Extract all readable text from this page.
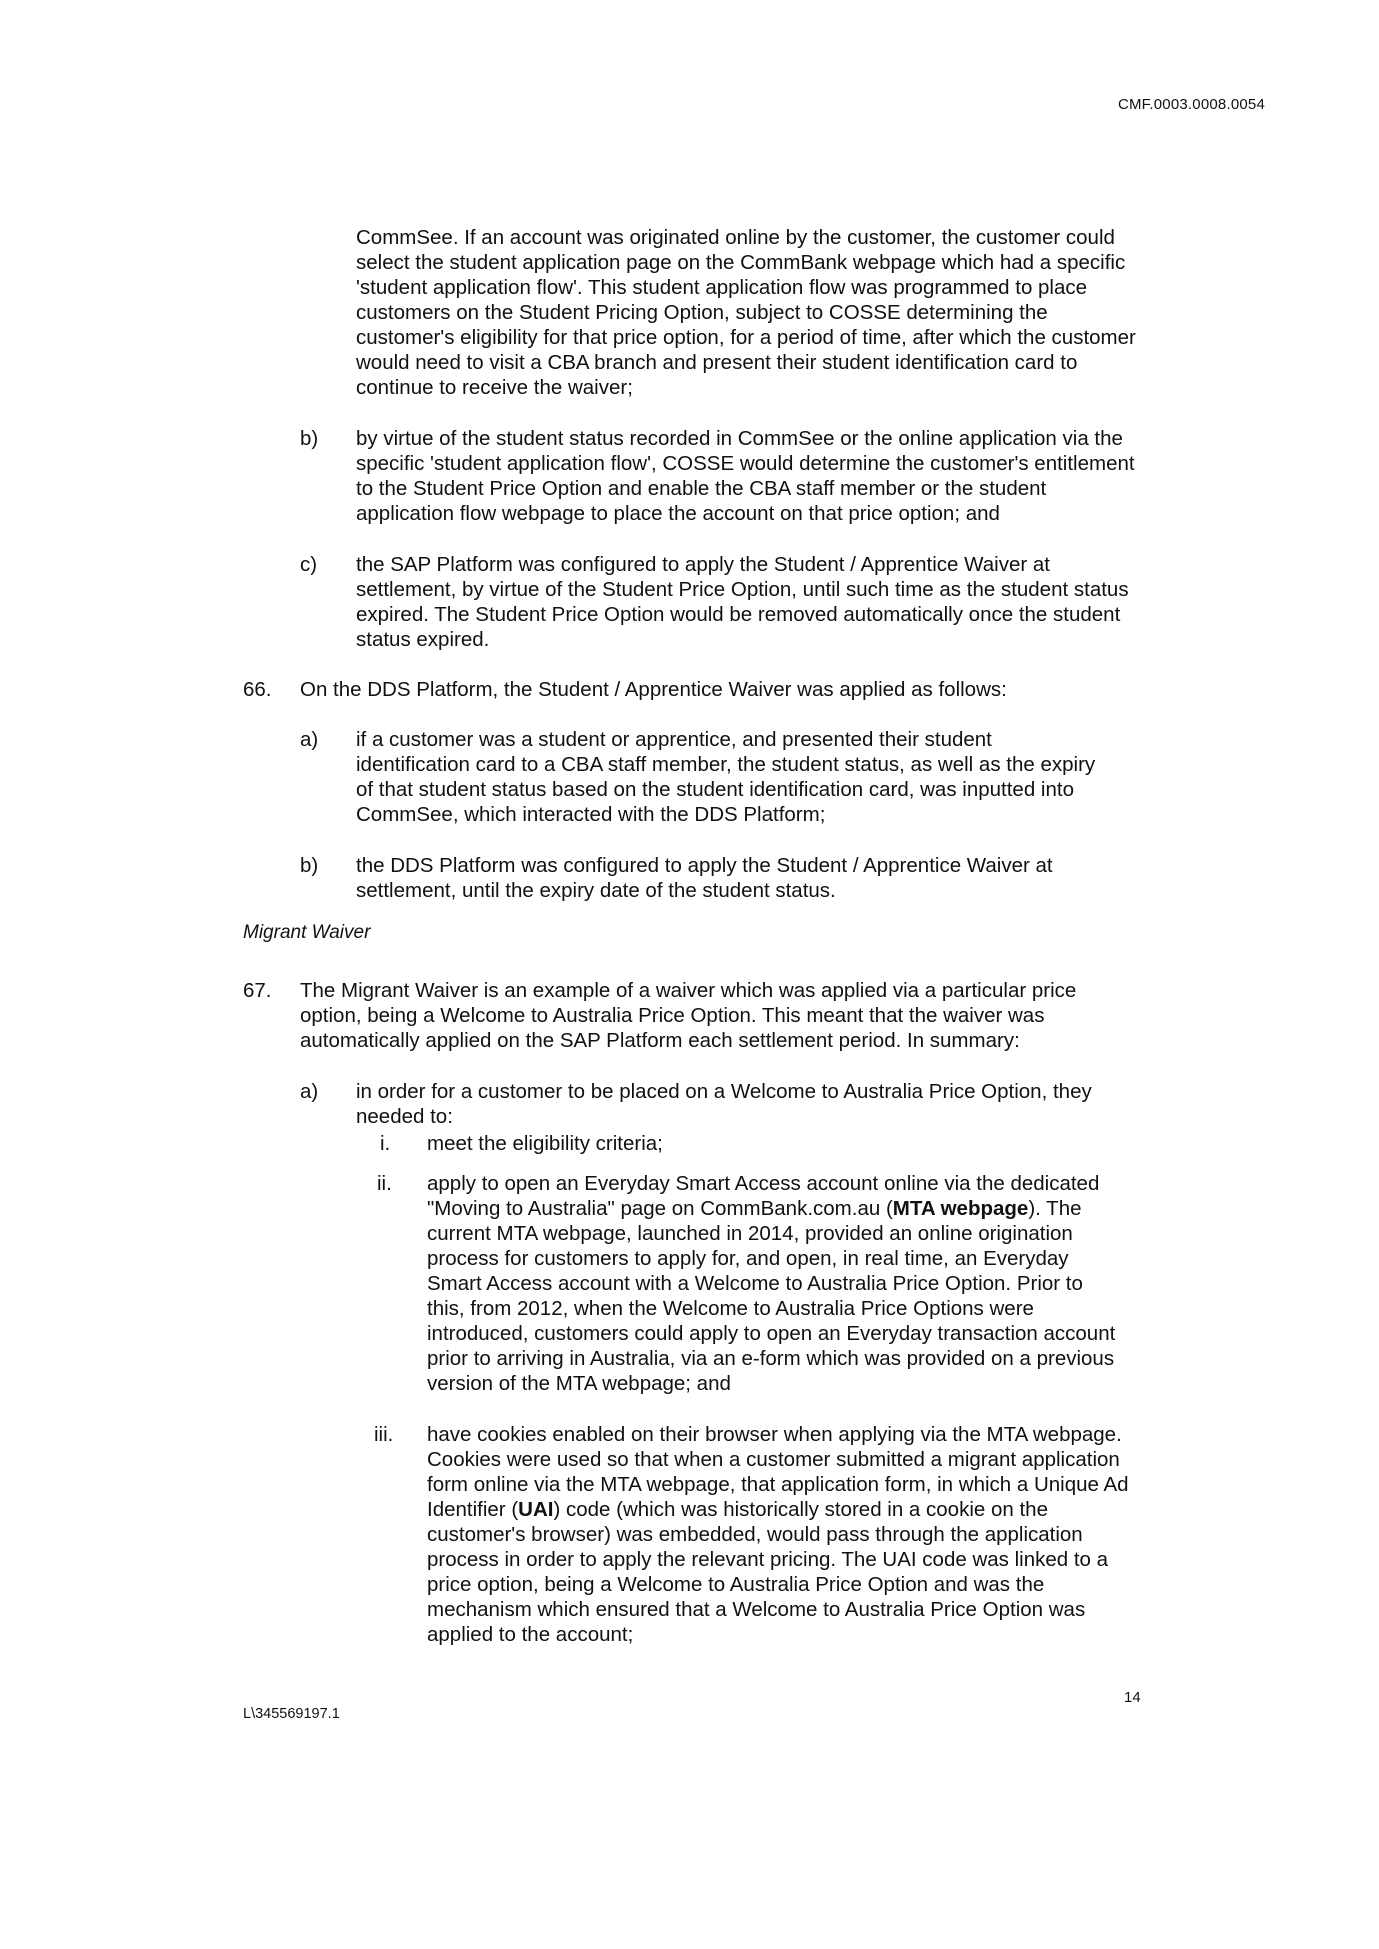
CMF.0003.0008.0054
CommSee. If an account was originated online by the customer, the customer could select the student application page on the CommBank webpage which had a specific 'student application flow'. This student application flow was programmed to place customers on the Student Pricing Option, subject to COSSE determining the customer's eligibility for that price option, for a period of time, after which the customer would need to visit a CBA branch and present their student identification card to continue to receive the waiver;
b) by virtue of the student status recorded in CommSee or the online application via the specific 'student application flow', COSSE would determine the customer's entitlement to the Student Price Option and enable the CBA staff member or the student application flow webpage to place the account on that price option; and
c) the SAP Platform was configured to apply the Student / Apprentice Waiver at settlement, by virtue of the Student Price Option, until such time as the student status expired. The Student Price Option would be removed automatically once the student status expired.
66. On the DDS Platform, the Student / Apprentice Waiver was applied as follows:
a) if a customer was a student or apprentice, and presented their student identification card to a CBA staff member, the student status, as well as the expiry of that student status based on the student identification card, was inputted into CommSee, which interacted with the DDS Platform;
b) the DDS Platform was configured to apply the Student / Apprentice Waiver at settlement, until the expiry date of the student status.
Migrant Waiver
67. The Migrant Waiver is an example of a waiver which was applied via a particular price option, being a Welcome to Australia Price Option. This meant that the waiver was automatically applied on the SAP Platform each settlement period. In summary:
a) in order for a customer to be placed on a Welcome to Australia Price Option, they needed to:
i. meet the eligibility criteria;
ii. apply to open an Everyday Smart Access account online via the dedicated "Moving to Australia" page on CommBank.com.au (MTA webpage). The current MTA webpage, launched in 2014, provided an online origination process for customers to apply for, and open, in real time, an Everyday Smart Access account with a Welcome to Australia Price Option. Prior to this, from 2012, when the Welcome to Australia Price Options were introduced, customers could apply to open an Everyday transaction account prior to arriving in Australia, via an e-form which was provided on a previous version of the MTA webpage; and
iii. have cookies enabled on their browser when applying via the MTA webpage. Cookies were used so that when a customer submitted a migrant application form online via the MTA webpage, that application form, in which a Unique Ad Identifier (UAI) code (which was historically stored in a cookie on the customer's browser) was embedded, would pass through the application process in order to apply the relevant pricing. The UAI code was linked to a price option, being a Welcome to Australia Price Option and was the mechanism which ensured that a Welcome to Australia Price Option was applied to the account;
14
L\345569197.1
